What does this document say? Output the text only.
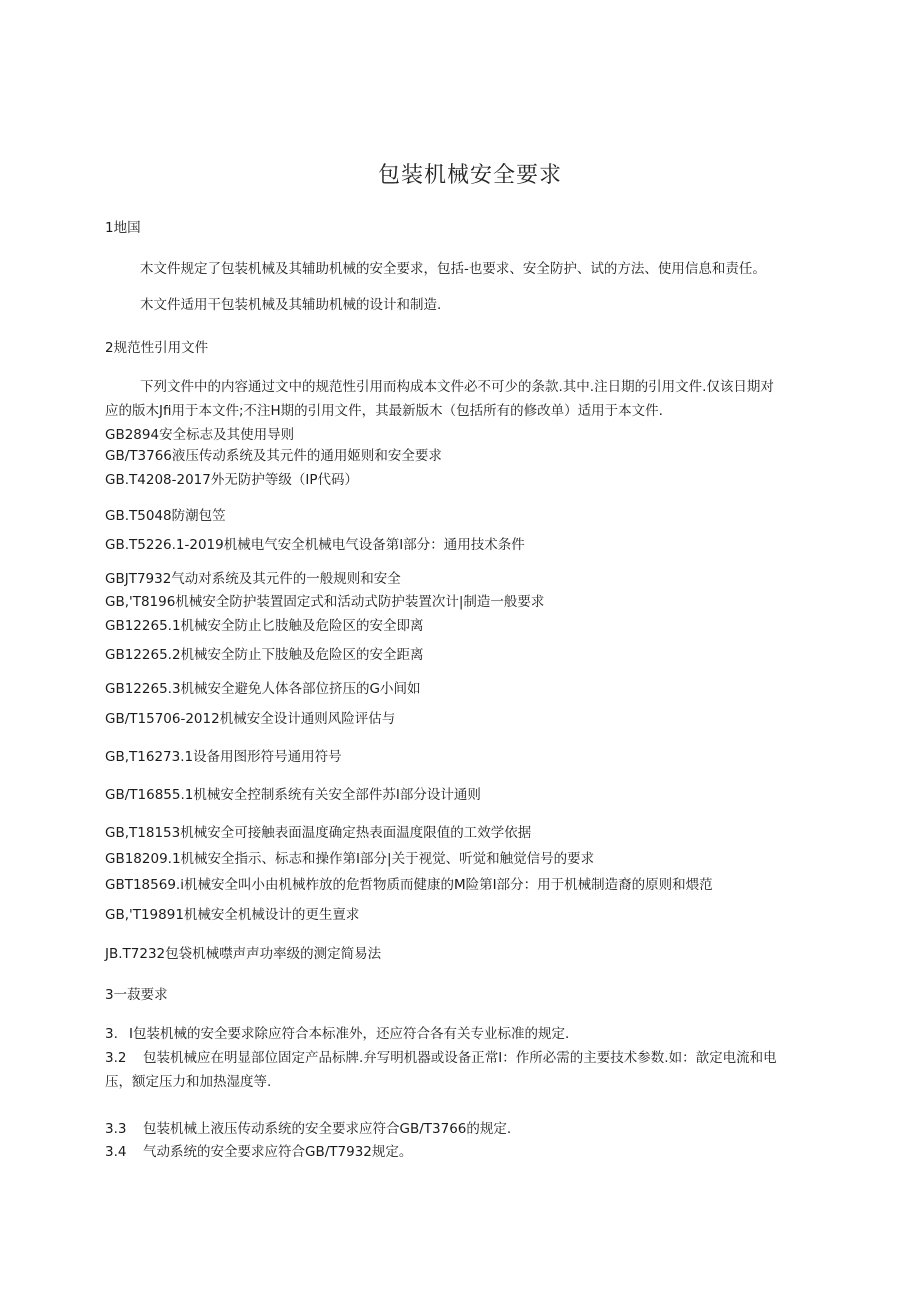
包装机械安全要求
1地国
木文件规定了包装机械及其辅助机械的安全要求，包括-也要求、安全防护、试的方法、使用信息和责任。
木文件适用干包装机械及其辅助机械的设计和制造.
2规范性引用文件
下列文件中的内容通过文中的规范性引用而构成本文件必不可少的条款.其中.注日期的引用文件.仅该日期对
应的版木Jfi用于本文件;不注H期的引用文件，其最新版木（包括所有的修改单）适用于本文件.
GB2894安全标志及其使用导则
GB/T3766液压传动系统及其元件的通用姬则和安全要求
GB.T4208-2017外无防护等级（IP代码）
GB.T5048防潮包笠
GB.T5226.1-2019机械电气安全机械电气设备第I部分：通用技术条件
GBJT7932气动对系统及其元件的一般规则和安全
GB,'T8196机械安全防护装置固定式和活动式防护装置次计|制造一般要求
GB12265.1机械安全防止匕肢触及危险区的安全即离
GB12265.2机械安全防止下肢触及危险区的安全距离
GB12265.3机械安全避免人体各部位挤压的G小间如
GB/T15706-2012机械安全设计通则风险评估与
GB,T16273.1设备用图形符号通用符号
GB/T16855.1机械安全控制系统有关安全部件苏I部分设计通则
GB,T18153机械安全可接触表面温度确定热表面温度限值的工效学依据
GB18209.1机械安全指示、标志和操作第I部分|关于视觉、听觉和触觉信号的要求
GBT18569.i机械安全叫小由机械柞放的危哲物质而健康的M险第I部分：用于机械制造裔的原则和煨范
GB,'T19891机械安全机械设计的更生亶求
JB.T7232包袋机械噤声声功率级的测定简易法
3一菽要求
3. I包装机械的安全要求除应符合本标准外，还应符合各有关专业标准的规定.
3.2 包装机械应在明显部位固定产品标牌.弁写明机器或设备正常I：作所必需的主要技术参数.如：歆定电流和电
压，额定压力和加热湿度等.
3.3 包装机械上液压传动系统的安全要求应符合GB/T3766的规定.
3.4 气动系统的安全要求应符合GB/T7932规定。
